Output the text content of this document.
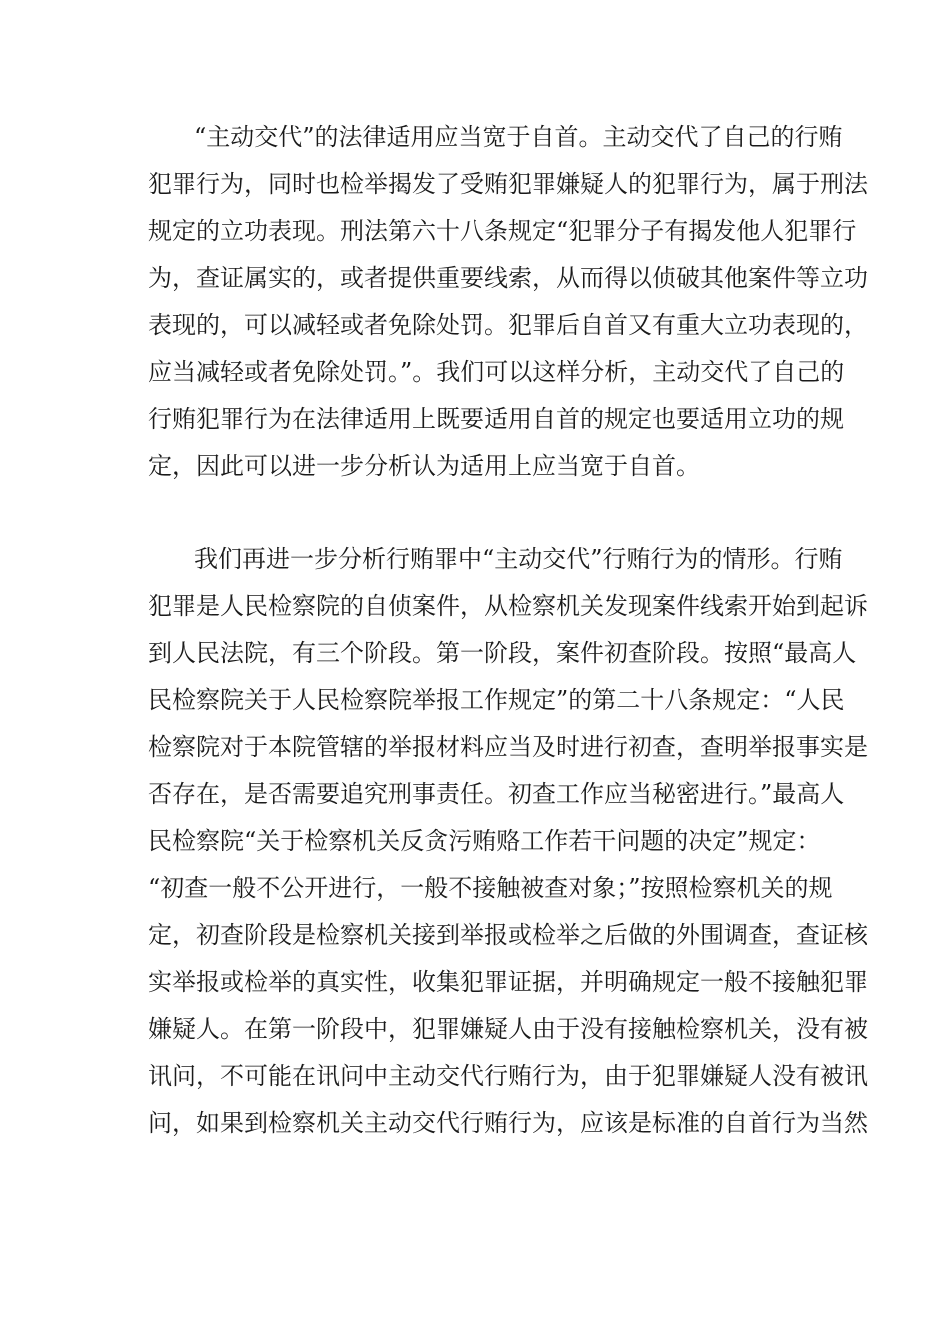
“主动交代”的法律适用应当宽于自首。主动交代了自己的行贿
犯罪行为，同时也检举揭发了受贿犯罪嫌疑人的犯罪行为，属于刑法
规定的立功表现。刑法第六十八条规定“犯罪分子有揭发他人犯罪行
为，查证属实的，或者提供重要线索，从而得以侦破其他案件等立功
表现的，可以减轻或者免除处罚。犯罪后自首又有重大立功表现的，
应当减轻或者免除处罚。”。我们可以这样分析，主动交代了自己的
行贿犯罪行为在法律适用上既要适用自首的规定也要适用立功的规
定，因此可以进一步分析认为适用上应当宽于自首。
我们再进一步分析行贿罪中“主动交代”行贿行为的情形。行贿
犯罪是人民检察院的自侦案件，从检察机关发现案件线索开始到起诉
到人民法院，有三个阶段。第一阶段，案件初查阶段。按照“最高人
民检察院关于人民检察院举报工作规定”的第二十八条规定：“人民
检察院对于本院管辖的举报材料应当及时进行初查，查明举报事实是
否存在，是否需要追究刑事责任。初查工作应当秘密进行。”最高人
民检察院“关于检察机关反贪污贿赂工作若干问题的决定”规定：
“初查一般不公开进行，一般不接触被查对象；”按照检察机关的规
定，初查阶段是检察机关接到举报或检举之后做的外围调查，查证核
实举报或检举的真实性，收集犯罪证据，并明确规定一般不接触犯罪
嫌疑人。在第一阶段中，犯罪嫌疑人由于没有接触检察机关，没有被
讯问，不可能在讯问中主动交代行贿行为，由于犯罪嫌疑人没有被讯
问，如果到检察机关主动交代行贿行为，应该是标准的自首行为当然
